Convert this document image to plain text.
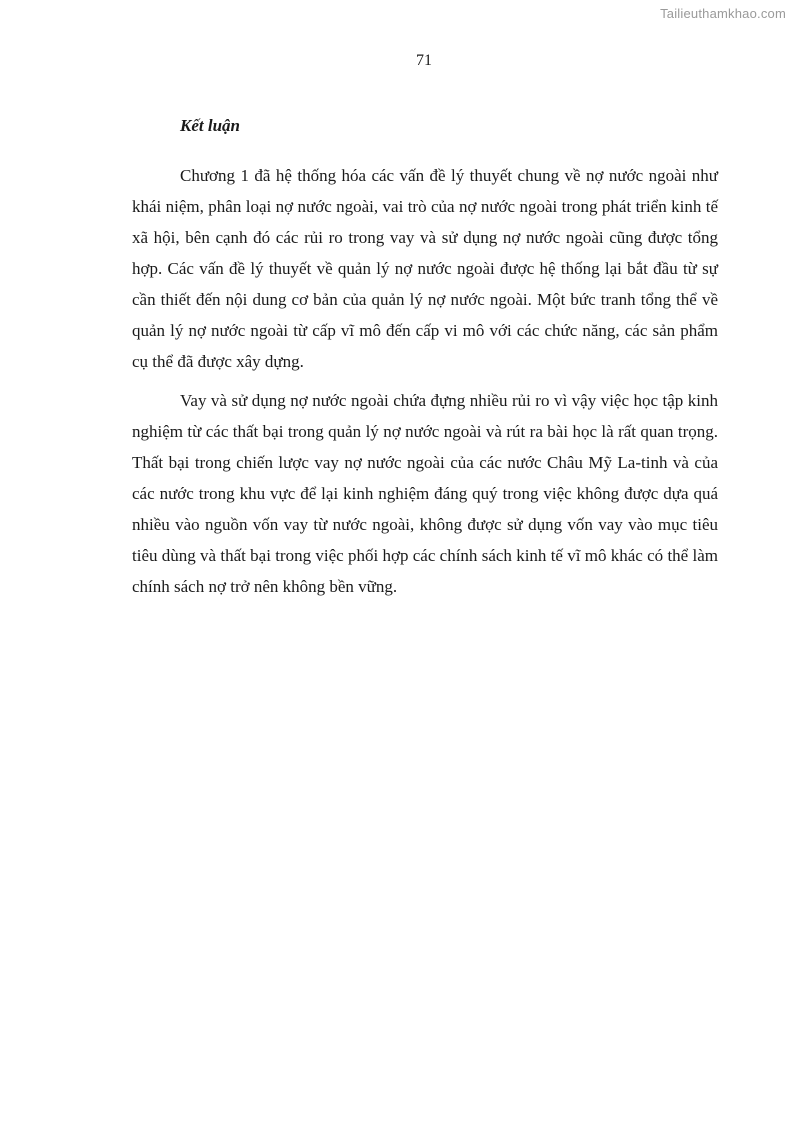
Tailieuthamkhao.com
71
Kết luận

Chương 1 đã hệ thống hóa các vấn đề lý thuyết chung về nợ nước ngoài như khái niệm, phân loại nợ nước ngoài, vai trò của nợ nước ngoài trong phát triển kinh tế xã hội, bên cạnh đó các rủi ro trong vay và sử dụng nợ nước ngoài cũng được tổng hợp. Các vấn đề lý thuyết về quản lý nợ nước ngoài được hệ thống lại bắt đầu từ sự cần thiết đến nội dung cơ bản của quản lý nợ nước ngoài. Một bức tranh tổng thể về quản lý nợ nước ngoài từ cấp vĩ mô đến cấp vi mô với các chức năng, các sản phẩm cụ thể đã được xây dựng.

Vay và sử dụng nợ nước ngoài chứa đựng nhiều rủi ro vì vậy việc học tập kinh nghiệm từ các thất bại trong quản lý nợ nước ngoài và rút ra bài học là rất quan trọng. Thất bại trong chiến lược vay nợ nước ngoài của các nước Châu Mỹ La-tinh và của các nước trong khu vực để lại kinh nghiệm đáng quý trong việc không được dựa quá nhiều vào nguồn vốn vay từ nước ngoài, không được sử dụng vốn vay vào mục tiêu tiêu dùng và thất bại trong việc phối hợp các chính sách kinh tế vĩ mô khác có thể làm chính sách nợ trở nên không bền vững.
